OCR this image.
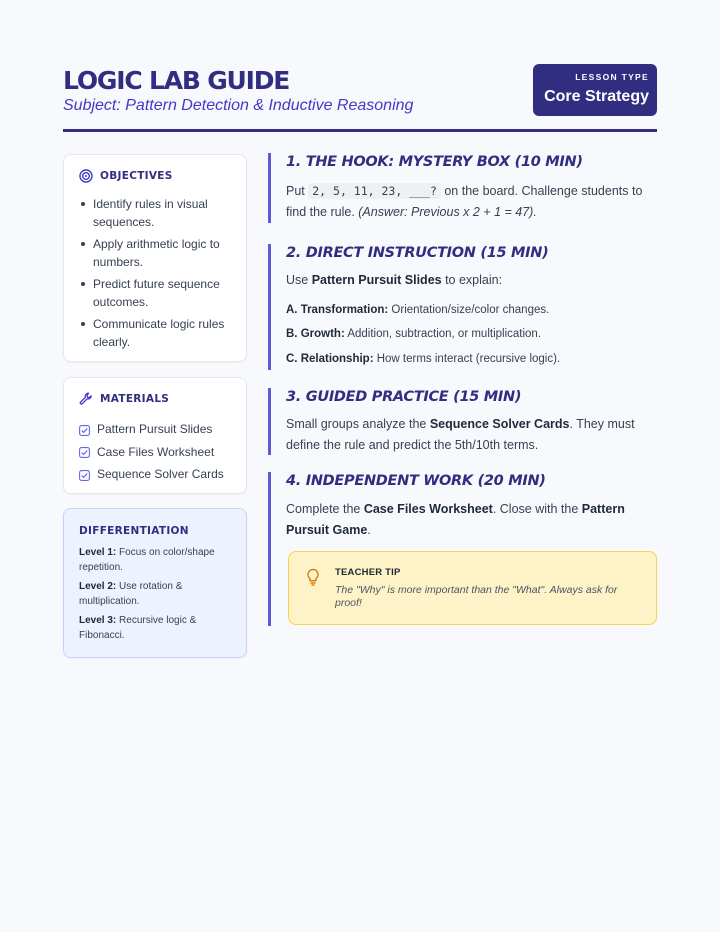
LOGIC LAB GUIDE
Subject: Pattern Detection & Inductive Reasoning
LESSON TYPE
Core Strategy
OBJECTIVES
Identify rules in visual sequences.
Apply arithmetic logic to numbers.
Predict future sequence outcomes.
Communicate logic rules clearly.
MATERIALS
Pattern Pursuit Slides
Case Files Worksheet
Sequence Solver Cards
DIFFERENTIATION
Level 1: Focus on color/shape repetition.
Level 2: Use rotation & multiplication.
Level 3: Recursive logic & Fibonacci.
1. THE HOOK: MYSTERY BOX (10 MIN)
Put 2, 5, 11, 23, ___? on the board. Challenge students to find the rule. (Answer: Previous x 2 + 1 = 47).
2. DIRECT INSTRUCTION (15 MIN)
Use Pattern Pursuit Slides to explain:
A. Transformation: Orientation/size/color changes.
B. Growth: Addition, subtraction, or multiplication.
C. Relationship: How terms interact (recursive logic).
3. GUIDED PRACTICE (15 MIN)
Small groups analyze the Sequence Solver Cards. They must define the rule and predict the 5th/10th terms.
4. INDEPENDENT WORK (20 MIN)
Complete the Case Files Worksheet. Close with the Pattern Pursuit Game.
TEACHER TIP
The "Why" is more important than the "What". Always ask for proof!
